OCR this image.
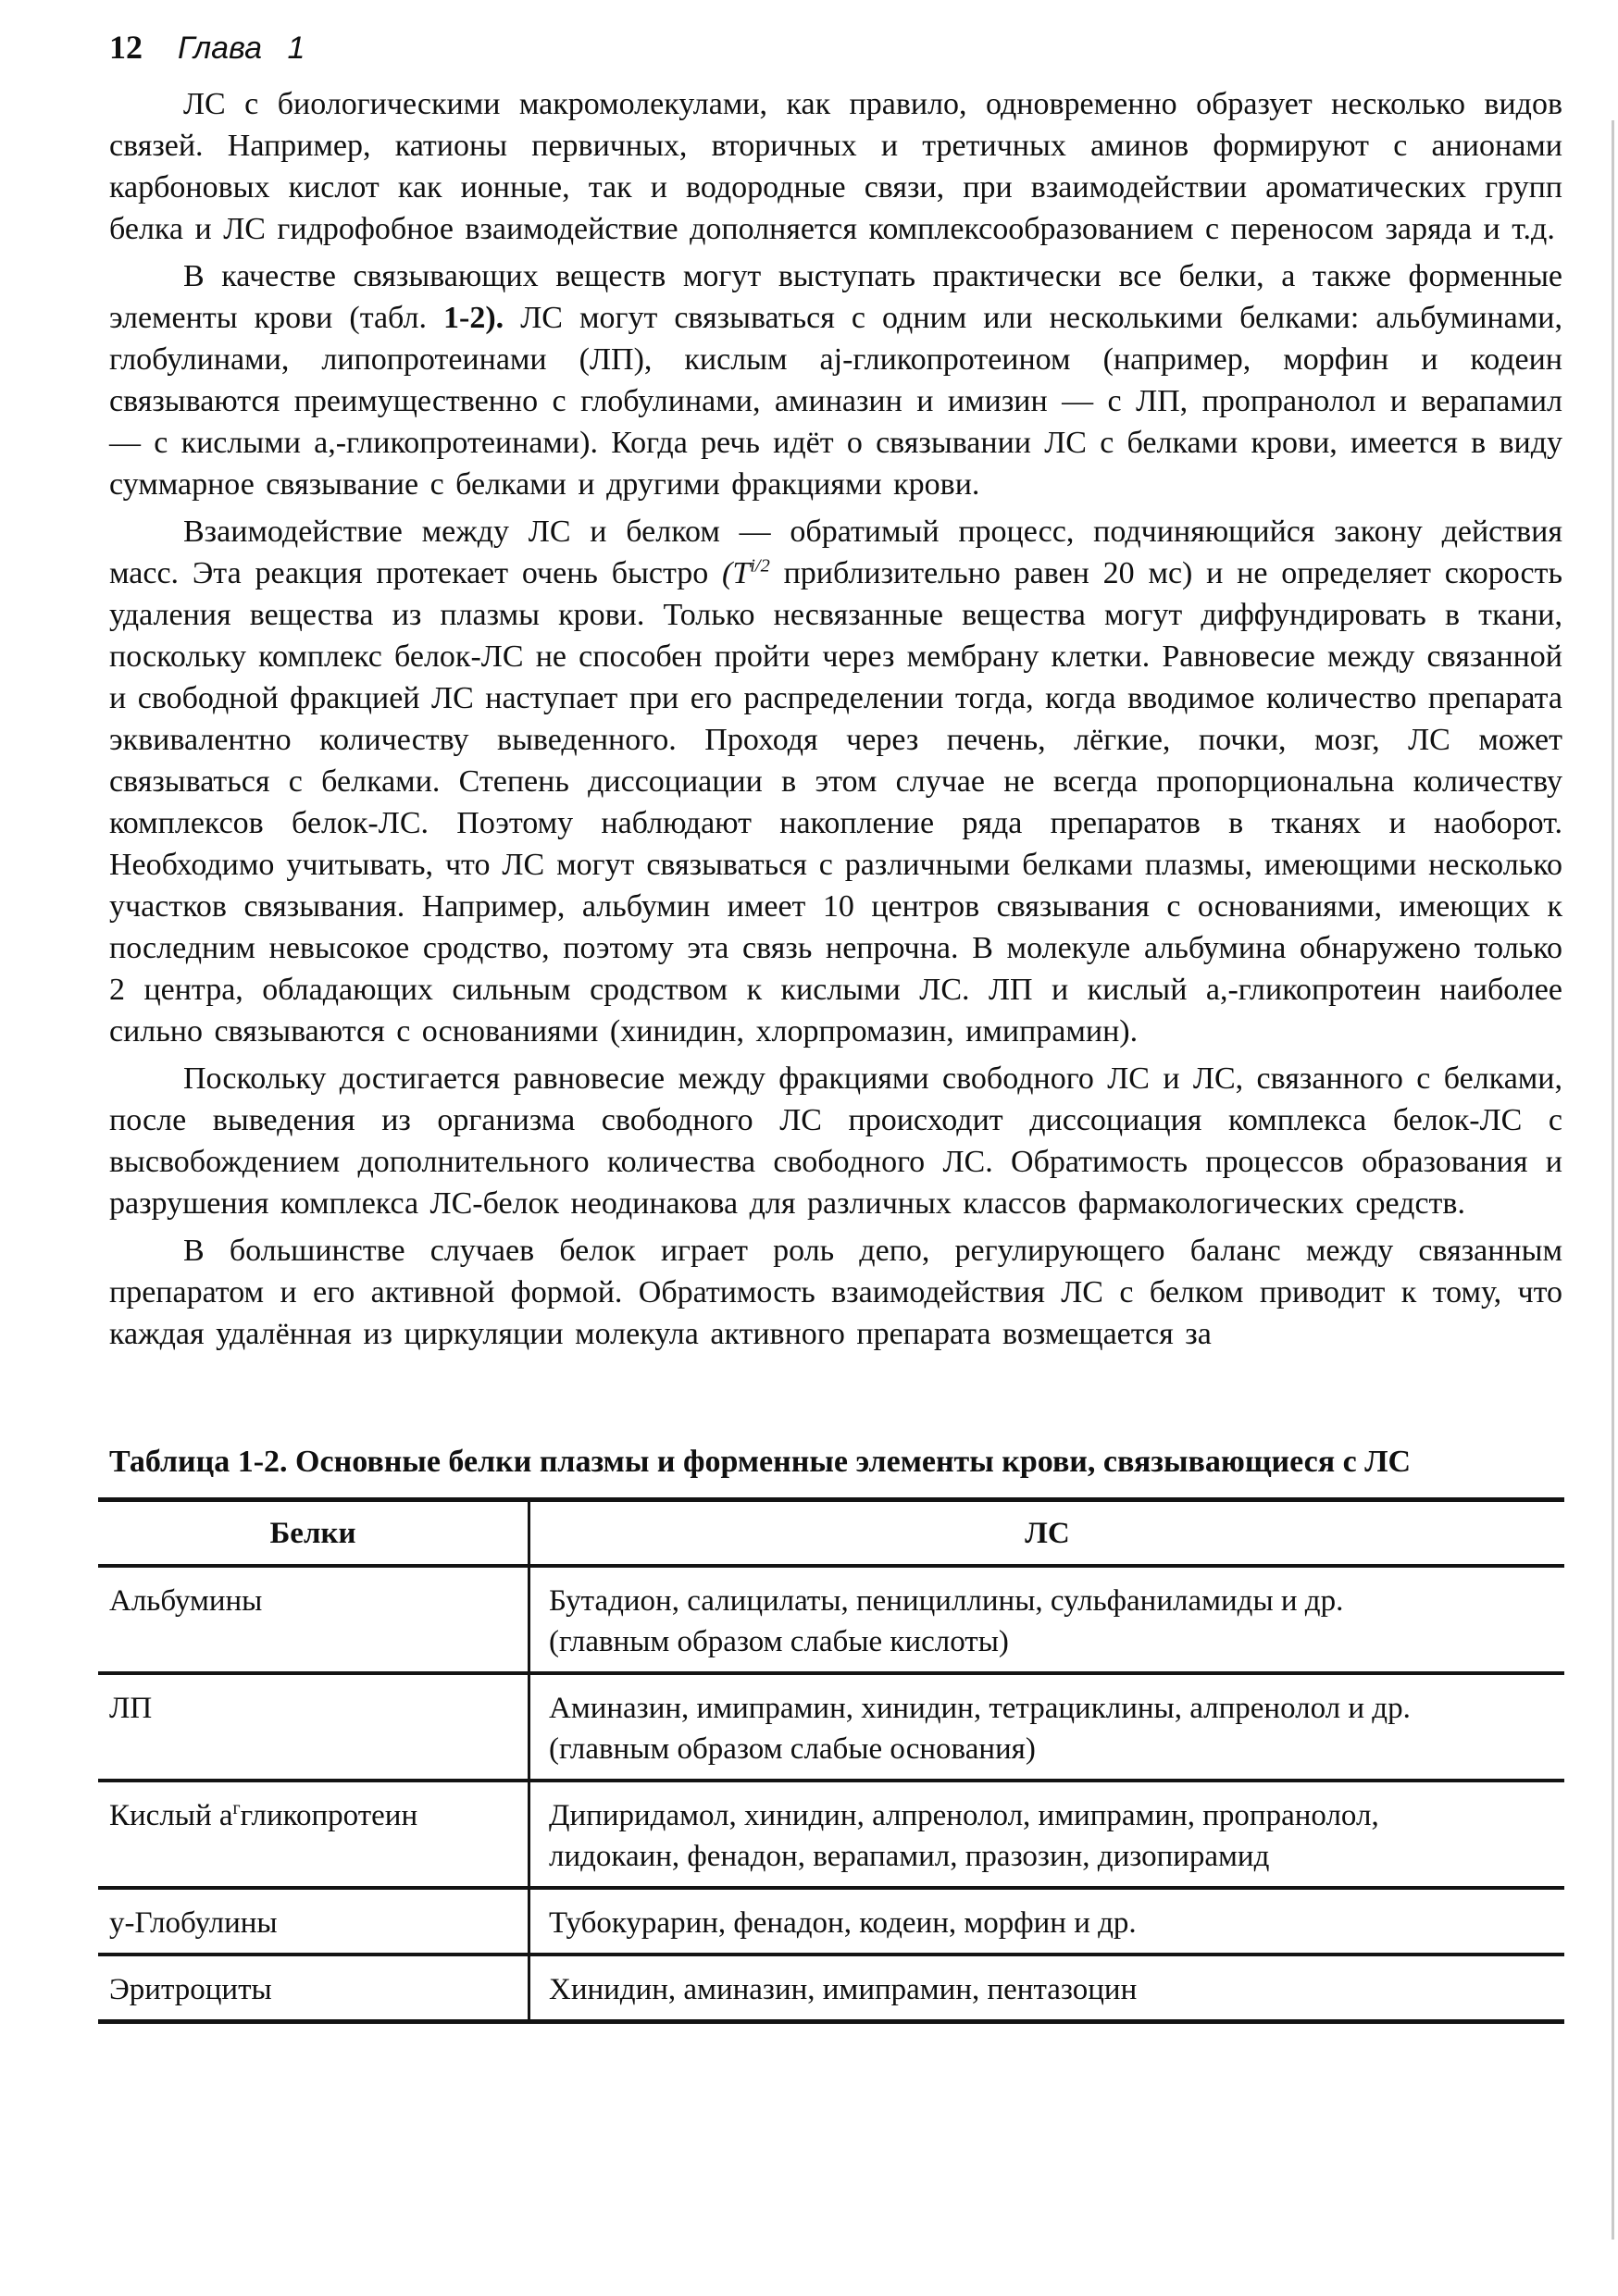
12 Глава 1

ЛС с биологическими макромолекулами, как правило, одновременно образует несколько видов связей. Например, катионы первичных, вторичных и третичных аминов формируют с анионами карбоновых кислот как ионные, так и водородные связи, при взаимодействии ароматических групп белка и ЛС гидрофобное взаимодействие дополняется комплексообразованием с переносом заряда и т.д.

В качестве связывающих веществ могут выступать практически все белки, а также форменные элементы крови (табл. 1-2). ЛС могут связываться с одним или несколькими белками: альбуминами, глобулинами, липопротеинами (ЛП), кислым aj-гликопротеином (например, морфин и кодеин связываются преимущественно с глобулинами, аминазин и имизин — с ЛП, пропранолол и верапамил — с кислыми а,-гликопротеинами). Когда речь идёт о связывании ЛС с белками крови, имеется в виду суммарное связывание с белками и другими фракциями крови.

Взаимодействие между ЛС и белком — обратимый процесс, подчиняющийся закону действия масс. Эта реакция протекает очень быстро ($T^{i/2}$ приблизительно равен 20 мс) и не определяет скорость удаления вещества из плазмы крови. Только несвязанные вещества могут диффундировать в ткани, поскольку комплекс белок-ЛС не способен пройти через мембрану клетки. Равновесие между связанной и свободной фракцией ЛС наступает при его распределении тогда, когда вводимое количество препарата эквивалентно количеству выведенного. Проходя через печень, лёгкие, почки, мозг, ЛС может связываться с белками. Степень диссоциации в этом случае не всегда пропорциональна количеству комплексов белок-ЛС. Поэтому наблюдают накопление ряда препаратов в тканях и наоборот. Необходимо учитывать, что ЛС могут связываться с различными белками плазмы, имеющими несколько участков связывания. Например, альбумин имеет 10 центров связывания с основаниями, имеющих к последним невысокое сродство, поэтому эта связь непрочна. В молекуле альбумина обнаружено только 2 центра, обладающих сильным сродством к кислыми ЛС. ЛП и кислый а,-гликопротеин наиболее сильно связываются с основаниями (хинидин, хлорпромазин, имипрамин).

Поскольку достигается равновесие между фракциями свободного ЛС и ЛС, связанного с белками, после выведения из организма свободного ЛС происходит диссоциация комплекса белок-ЛС с высвобождением дополнительного количества свободного ЛС. Обратимость процессов образования и разрушения комплекса ЛС-белок неодинакова для различных классов фармакологических средств.

В большинстве случаев белок играет роль депо, регулирующего баланс между связанным препаратом и его активной формой. Обратимость взаимодействия ЛС с белком приводит к тому, что каждая удалённая из циркуляции молекула активного препарата возмещается за

Таблица 1-2. Основные белки плазмы и форменные элементы крови, связывающиеся с ЛС
Белки	ЛС
Альбумины	Бутадион, салицилаты, пенициллины, сульфаниламиды и др.
(главным образом слабые кислоты)

ЛП	Аминазин, имипрамин, хинидин, тетрациклины, алпренолол и др.
(главным образом слабые основания)

Кислый $а^ггликопротеин$	Дипиридамол, хинидин, алпренолол, имипрамин, пропранолол,
лидокаин, фенадон, верапамил, празозин, дизопирамид

у-Глобулины	Тубокурарин, фенадон, кодеин, морфин и др.

Эритроциты	Хинидин, аминазин, имипрамин, пентазоцин
